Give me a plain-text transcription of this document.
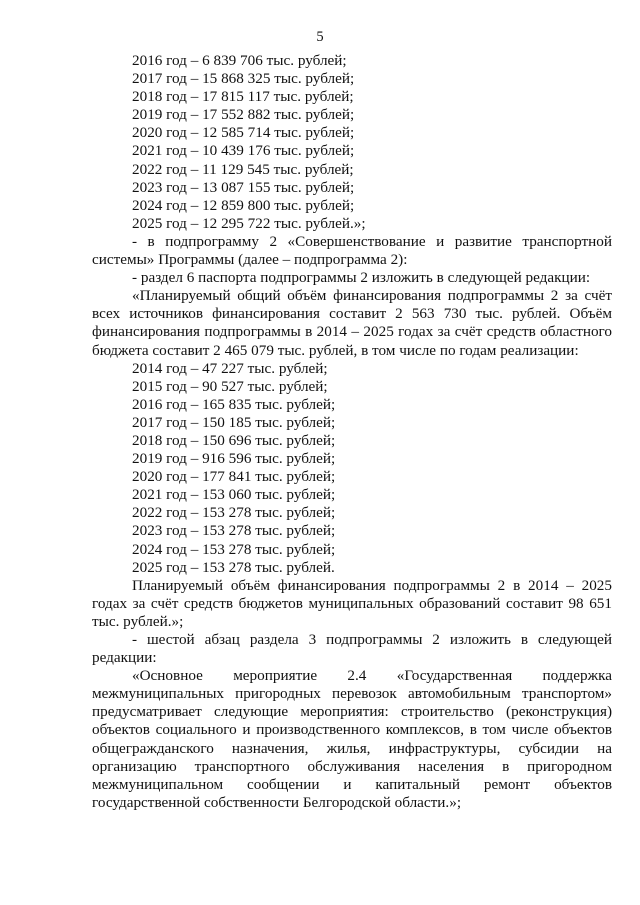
5
2016 год – 6 839 706 тыс. рублей;
2017 год – 15 868 325 тыс. рублей;
2018 год – 17 815 117 тыс. рублей;
2019 год – 17 552 882 тыс. рублей;
2020 год – 12 585 714 тыс. рублей;
2021 год – 10 439 176 тыс. рублей;
2022 год – 11 129 545 тыс. рублей;
2023 год – 13 087 155 тыс. рублей;
2024 год – 12 859 800 тыс. рублей;
2025 год – 12 295 722 тыс. рублей.»;
- в подпрограмму 2 «Совершенствование и развитие транспортной системы» Программы (далее – подпрограмма 2):
- раздел 6 паспорта подпрограммы 2 изложить в следующей редакции:
«Планируемый общий объём финансирования подпрограммы 2 за счёт всех источников финансирования составит 2 563 730 тыс. рублей. Объём финансирования подпрограммы в 2014 – 2025 годах за счёт средств областного бюджета составит 2 465 079 тыс. рублей, в том числе по годам реализации:
2014 год – 47 227 тыс. рублей;
2015 год – 90 527 тыс. рублей;
2016 год – 165 835 тыс. рублей;
2017 год – 150 185 тыс. рублей;
2018 год – 150 696 тыс. рублей;
2019 год – 916 596 тыс. рублей;
2020 год – 177 841 тыс. рублей;
2021 год – 153 060 тыс. рублей;
2022 год – 153 278 тыс. рублей;
2023 год – 153 278 тыс. рублей;
2024 год – 153 278 тыс. рублей;
2025 год – 153 278 тыс. рублей.
Планируемый объём финансирования подпрограммы 2 в 2014 – 2025 годах за счёт средств бюджетов муниципальных образований составит 98 651 тыс. рублей.»;
- шестой абзац раздела 3 подпрограммы 2 изложить в следующей редакции:
«Основное мероприятие 2.4 «Государственная поддержка межмуниципальных пригородных перевозок автомобильным транспортом» предусматривает следующие мероприятия: строительство (реконструкция) объектов социального и производственного комплексов, в том числе объектов общегражданского назначения, жилья, инфраструктуры, субсидии на организацию транспортного обслуживания населения в пригородном межмуниципальном сообщении и капитальный ремонт объектов государственной собственности Белгородской области.»;
